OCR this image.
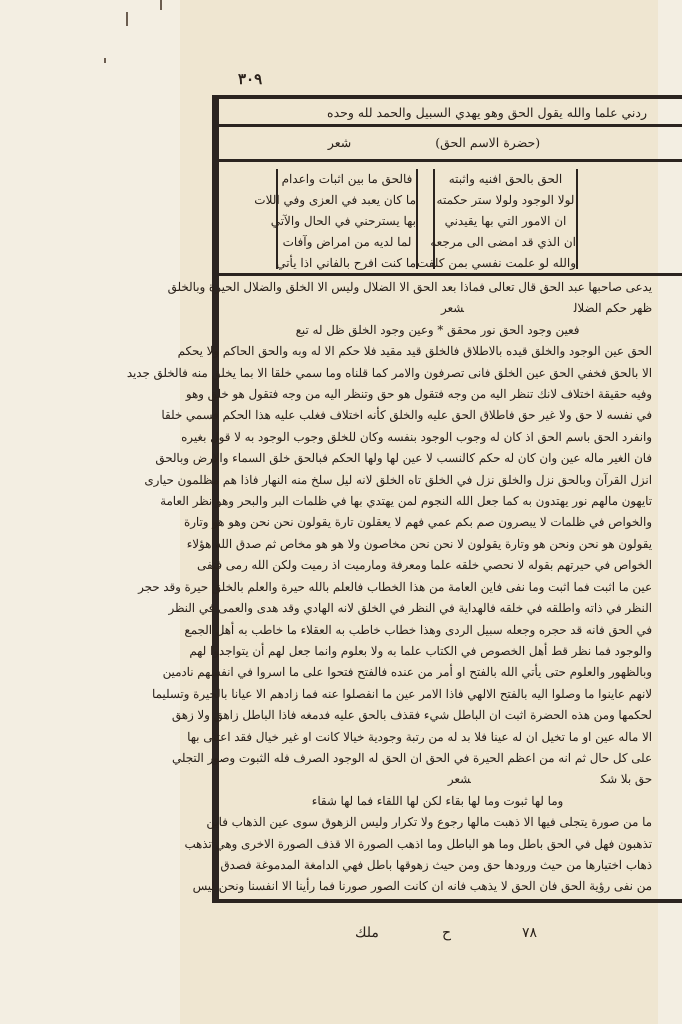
٣٠٩
ردني علما والله يقول الحق وهو يهدي السبيل والحمد لله وحده
(حضرة الاسم الحق) شعر
الحق بالحق افنيه واثبته
لولا الوجود ولولا ستر حكمته
ان الامور التي بها يقيدني
ان الذي قد امضى الى مرجعه
والله لو علمت نفسي بمن كلفت
فالحق ما بين اثبات واعدام
ما كان يعبد في العزى وفي اللات
بها يسترحني في الحال والآتي
لما لديه من امراض وآفات
ما كنت افرح بالفاني اذا يأتي
يدعى صاحبها عبد الحق قال تعالى فماذا بعد الحق الا الضلال وليس الا الخلق والضلال الحيرة وبالخلق
ظهر حكم الضلالشعر
فعين وجود الحق نور محقق * وعين وجود الخلق ظل له تبع
الحق عين الوجود والخلق قيده بالاطلاق فالخلق قيد مقيد فلا حكم الا له وبه والحق الحاكم ولا يحكم
الا بالحق فخفي الحق عين الخلق فانى تصرفون والامر كما قلناه وما سمي خلقا الا بما يخلق منه فالخلق جديد
وفيه حقيقة اختلاف لانك تنظر اليه من وجه فتقول هو حق وتنظر اليه من وجه فتقول هو خلق وهو
في نفسه لا حق ولا غير حق فاطلاق الحق عليه والخلق كأنه اختلاف فغلب عليه هذا الحكم فسمي خلقا
وانفرد الحق باسم الحق اذ كان له وجوب الوجود بنفسه وكان للخلق وجوب الوجود به لا قول بغيره
فان الغير ماله عين وان كان له حكم كالنسب لا عين لها ولها الحكم فبالحق خلق السماء والارض وبالحق
انزل القرآن وبالحق نزل والخلق نزل في الخلق تاه الخلق لانه ليل سلخ منه النهار فاذا هم مظلمون حيارى
تايهون مالهم نور يهتدون به كما جعل الله النجوم لمن يهتدي بها في ظلمات البر والبحر وهو نظر العامة
والخواص في ظلمات لا يبصرون صم بكم عمي فهم لا يعقلون تارة يقولون نحن نحن وهو هو وتارة
يقولون هو نحن ونحن هو وتارة يقولون لا نحن نحن مخاصون ولا هو هو مخاص ثم صدق الله هؤلاء
الخواص في حيرتهم بقوله لا نحصي خلقه علما ومعرفة ومارميت اذ رميت ولكن الله رمى فنفى
عين ما اثبت فما اثبت وما نفى فاين العامة من هذا الخطاب فالعلم بالله حيرة والعلم بالخلق حيرة وقد حجر
النظر في ذاته واطلقه في خلقه فالهداية في النظر في الخلق لانه الهادي وقد هدى والعمى في النظر
في الحق فانه قد حجره وجعله سبيل الردى وهذا خطاب خاطب به العقلاء ما خاطب به أهل الجمع
والوجود فما نظر قط أهل الخصوص في الكتاب علما به ولا بعلوم وانما جعل لهم أن يتواجدوا لهم
وبالظهور والعلوم حتى يأتي الله بالفتح او أمر من عنده فالفتح فتحوا على ما اسروا في انفسهم نادمين
لانهم عاينوا ما وصلوا اليه بالفتح الالهي فاذا الامر عين ما انفصلوا عنه فما زادهم الا عيانا بالحيرة وتسليما
لحكمها ومن هذه الحضرة اثبت ان الباطل شيء فقذف بالحق عليه فدمغه فاذا الباطل زاهق ولا زهق
الا ماله عين او ما تخيل ان له عينا فلا بد له من رتبة وجودية خيالا كانت او غير خيال فقد اعتنى بها
على كل حال ثم انه من اعظم الحيرة في الحق ان الحق له الوجود الصرف فله الثبوت وصور التجلي
حق بلا شكشعر
وما لها ثبوت وما لها بقاء لكن لها اللقاء فما لها شقاء
ما من صورة يتجلى فيها الا ذهبت مالها رجوع ولا تكرار وليس الزهوق سوى عين الذهاب فاين
تذهبون فهل في الحق باطل وما هو الباطل وما اذهب الصورة الا قذف الصورة الاخرى وهي تذهب
ذهاب اختيارها من حيث ورودها حق ومن حيث زهوقها باطل فهي الدامغة المدموغة فصدق
من نفى رؤية الحق فان الحق لا يذهب فانه ان كانت الصور صورنا فما رأينا الا انفسنا ونحن ليس
ملك	ح	٧٨
